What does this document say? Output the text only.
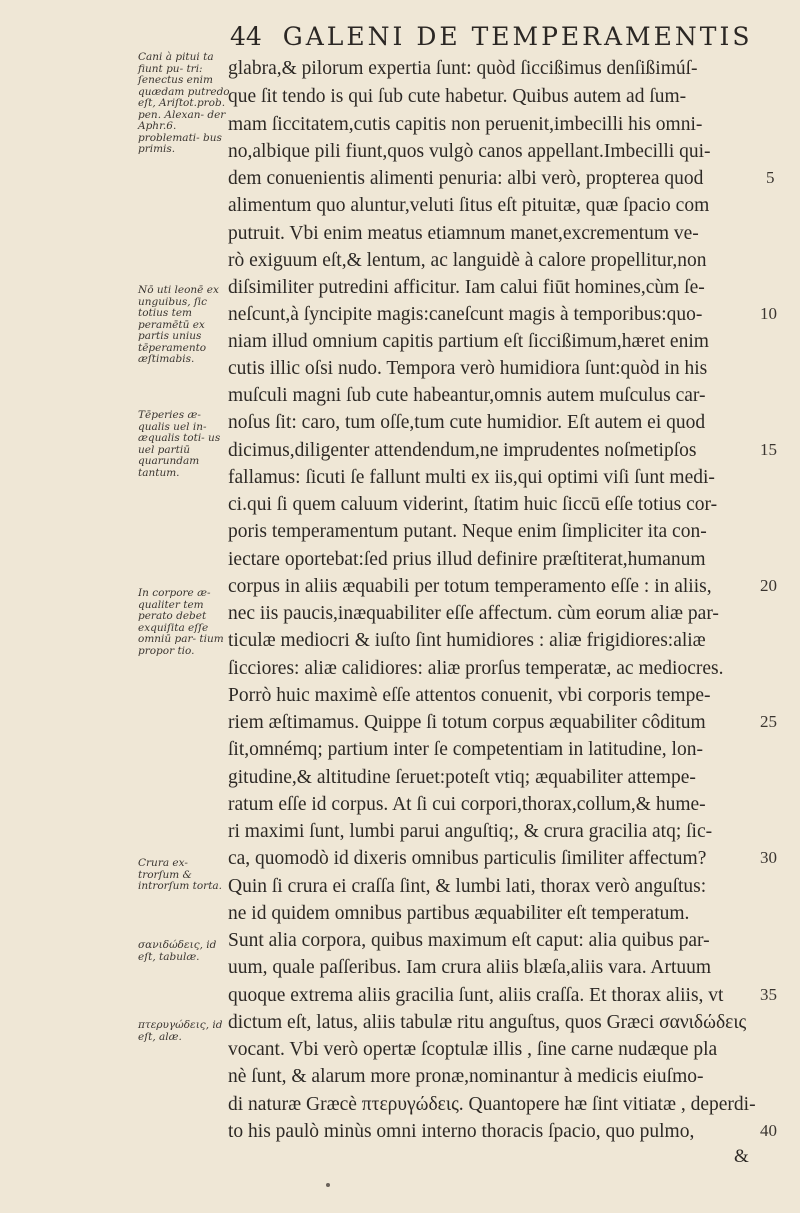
44 GALENI DE TEMPERAMENTIS
Cani à pitui ta fiunt pu- tri: ſenectus enim quædam putredo eſt, Ariſtot.prob. pen. Alexan- der Aphr.6. problemati- bus primis.
Nō uti leonē ex unguibus, ſic totius tem peramētū ex partis unius tēperamento æſtimabis.
Tēperies æ- qualis uel in- æqualis toti- us uel partiū quarundam tantum.
In corpore æ- qualiter tem perato debet exquiſita eſſe omniū par- tium propor tio.
Crura ex- trorſum & introrſum torta.
σανιδώδεις, id eſt, tabulæ.
πτερυγώδεις, id eſt, alæ.
glabra,& pilorum expertia ſunt: quòd ſiccißimus denſißimúſ-
que ſit tendo is qui ſub cute habetur. Quibus autem ad ſum-
mam ſiccitatem,cutis capitis non peruenit,imbecilli his omni-
no,albique pili fiunt,quos vulgò canos appellant.Imbecilli qui-
dem conuenientis alimenti penuria: albi verò, propterea quod
alimentum quo aluntur,veluti ſitus eſt pituitæ, quæ ſpacio com
putruit. Vbi enim meatus etiamnum manet,excrementum ve-
rò exiguum eſt,& lentum, ac languidè à calore propellitur,non
diſsimiliter putredini afficitur. Iam calui fiūt homines,cùm ſe-
neſcunt,à ſyncipite magis:caneſcunt magis à temporibus:quo-
niam illud omnium capitis partium eſt ſiccißimum,hæret enim
cutis illic oſsi nudo. Tempora verò humidiora ſunt:quòd in his
muſculi magni ſub cute habeantur,omnis autem muſculus car-
noſus ſit: caro, tum oſſe,tum cute humidior. Eſt autem ei quod
dicimus,diligenter attendendum,ne imprudentes noſmetipſos
fallamus: ſicuti ſe fallunt multi ex iis,qui optimi viſi ſunt medi-
ci.qui ſi quem caluum viderint, ſtatim huic ſiccū eſſe totius cor-
poris temperamentum putant. Neque enim ſimpliciter ita con-
iectare oportebat:ſed prius illud definire præſtiterat,humanum
corpus in aliis æquabili per totum temperamento eſſe : in aliis,
nec iis paucis,inæquabiliter eſſe affectum. cùm eorum aliæ par-
ticulæ mediocri & iuſto ſint humidiores : aliæ frigidiores:aliæ
ſicciores: aliæ calidiores: aliæ prorſus temperatæ, ac mediocres.
Porrò huic maximè eſſe attentos conuenit, vbi corporis tempe-
riem æſtimamus. Quippe ſi totum corpus æquabiliter côditum
ſit,omnémq; partium inter ſe competentiam in latitudine, lon-
gitudine,& altitudine ſeruet:poteſt vtiq; æquabiliter attempe-
ratum eſſe id corpus. At ſi cui corpori,thorax,collum,& hume-
ri maximi ſunt, lumbi parui anguſtiq;, & crura gracilia atq; ſic-
ca, quomodò id dixeris omnibus particulis ſimiliter affectum?
Quin ſi crura ei craſſa ſint, & lumbi lati, thorax verò anguſtus:
ne id quidem omnibus partibus æquabiliter eſt temperatum.
Sunt alia corpora, quibus maximum eſt caput: alia quibus par-
uum, quale paſſeribus. Iam crura aliis blæſa,aliis vara. Artuum
quoque extrema aliis gracilia ſunt, aliis craſſa. Et thorax aliis, vt
dictum eſt, latus, aliis tabulæ ritu anguſtus, quos Græci σανιδώδεις
vocant. Vbi verò opertæ ſcoptulæ illis , ſine carne nudæque pla
nè ſunt, & alarum more pronæ,nominantur à medicis eiuſmo-
di naturæ Græcè πτερυγώδεις. Quantopere hæ ſint vitiatæ , deperdi-
to his paulò minùs omni interno thoracis ſpacio, quo pulmo,
&
5
10
15
20
25
30
35
40
